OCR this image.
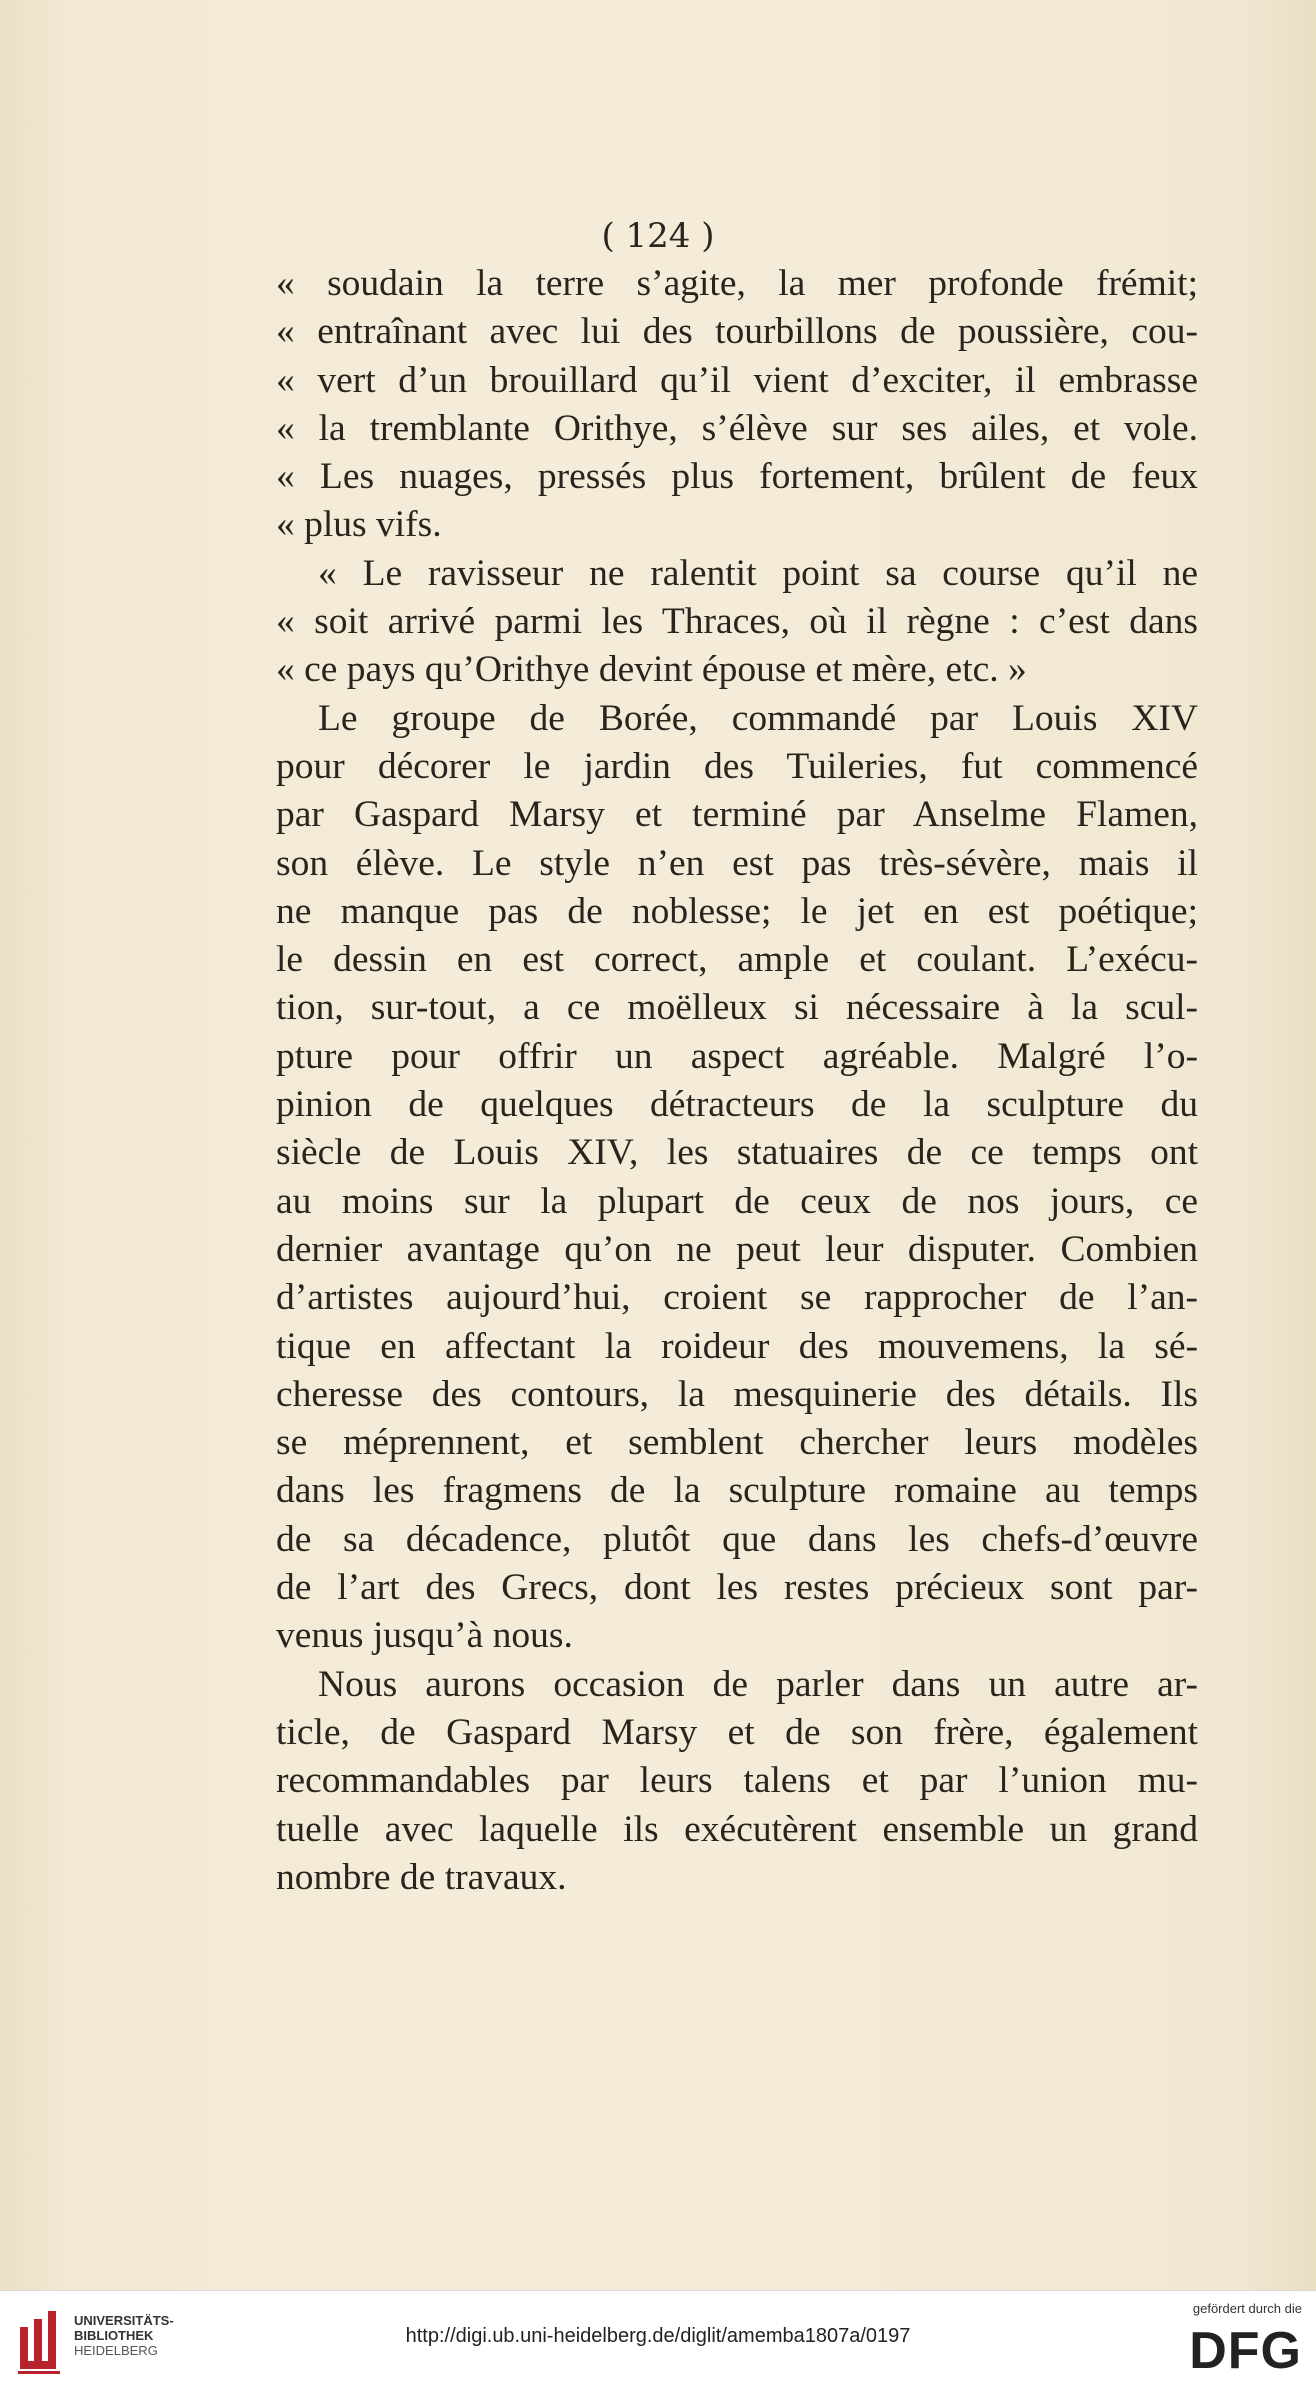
( 124 )
« soudain la terre s’agite, la mer profonde frémit;
« entraînant avec lui des tourbillons de poussière, cou-
« vert d’un brouillard qu’il vient d’exciter, il embrasse
« la tremblante Orithye, s’élève sur ses ailes, et vole.
« Les nuages, pressés plus fortement, brûlent de feux
« plus vifs.
« Le ravisseur ne ralentit point sa course qu’il ne
« soit arrivé parmi les Thraces, où il règne : c’est dans
« ce pays qu’Orithye devint épouse et mère, etc. »
Le groupe de Borée, commandé par Louis XIV
pour décorer le jardin des Tuileries, fut commencé
par Gaspard Marsy et terminé par Anselme Flamen,
son élève. Le style n’en est pas très-sévère, mais il
ne manque pas de noblesse; le jet en est poétique;
le dessin en est correct, ample et coulant. L’exécu-
tion, sur-tout, a ce moëlleux si nécessaire à la scul-
pture pour offrir un aspect agréable. Malgré l’o-
pinion de quelques détracteurs de la sculpture du
siècle de Louis XIV, les statuaires de ce temps ont
au moins sur la plupart de ceux de nos jours, ce
dernier avantage qu’on ne peut leur disputer. Combien
d’artistes aujourd’hui, croient se rapprocher de l’an-
tique en affectant la roideur des mouvemens, la sé-
cheresse des contours, la mesquinerie des détails. Ils
se méprennent, et semblent chercher leurs modèles
dans les fragmens de la sculpture romaine au temps
de sa décadence, plutôt que dans les chefs-d’œuvre
de l’art des Grecs, dont les restes précieux sont par-
venus jusqu’à nous.
Nous aurons occasion de parler dans un autre ar-
ticle, de Gaspard Marsy et de son frère, également
recommandables par leurs talens et par l’union mu-
tuelle avec laquelle ils exécutèrent ensemble un grand
nombre de travaux.
UNIVERSITÄTS-
BIBLIOTHEK
HEIDELBERG
http://digi.ub.uni-heidelberg.de/diglit/amemba1807a/0197
gefördert durch die
DFG
